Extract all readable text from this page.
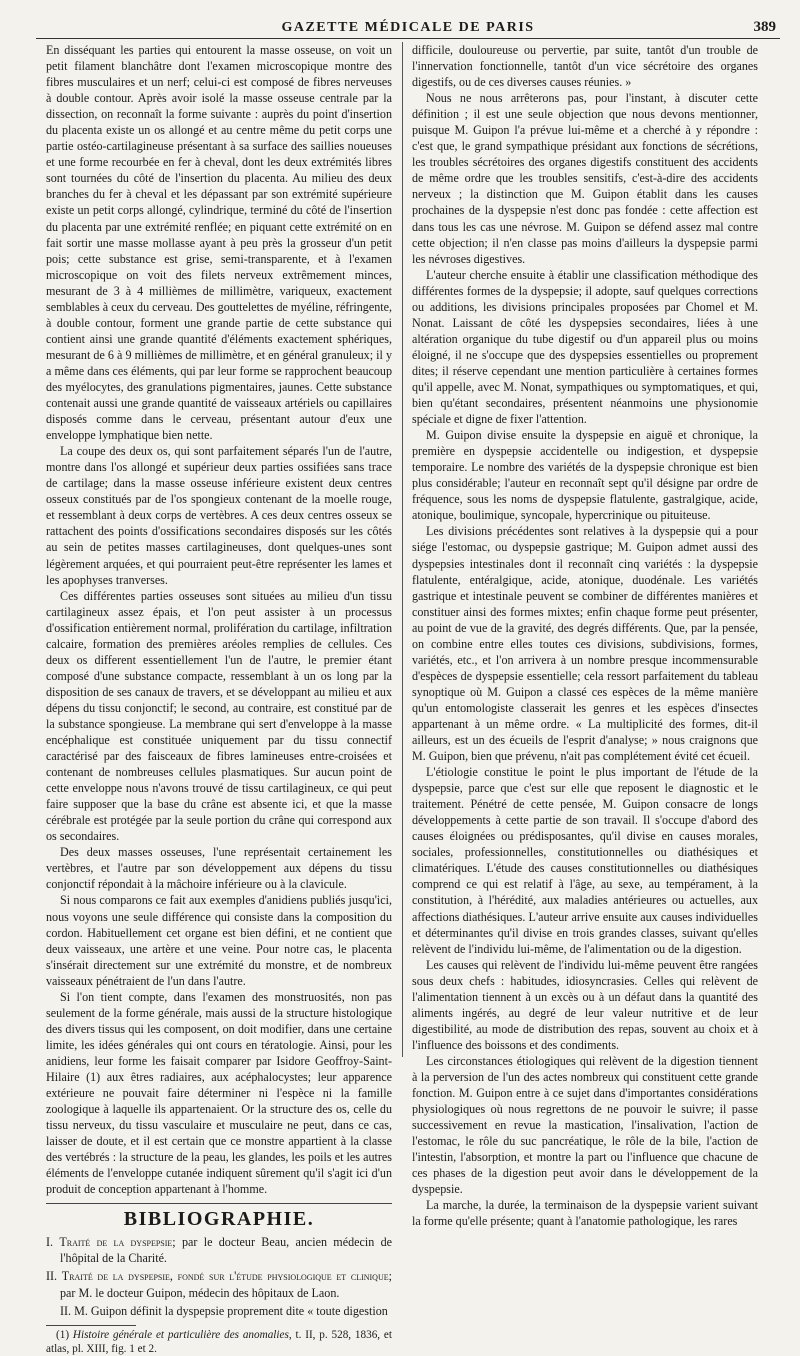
GAZETTE MÉDICALE DE PARIS	389

En disséquant les parties qui entourent la masse osseuse, on voit un petit filament blanchâtre dont l'examen microscopique montre des fibres musculaires et un nerf; celui-ci est composé de fibres nerveuses à double contour. Après avoir isolé la masse osseuse centrale par la dissection, on reconnaît la forme suivante : auprès du point d'insertion du placenta existe un os allongé et au centre même du petit corps une partie ostéo-cartilagineuse présentant à sa surface des saillies noueuses et une forme recourbée en fer à cheval, dont les deux extrémités libres sont tournées du côté de l'insertion du placenta. Au milieu des deux branches du fer à cheval et les dépassant par son extrémité supérieure existe un petit corps allongé, cylindrique, terminé du côté de l'insertion du placenta par une extrémité renflée; en piquant cette extrémité on en fait sortir une masse mollasse ayant à peu près la grosseur d'un petit pois; cette substance est grise, semi-transparente, et à l'examen microscopique on voit des filets nerveux extrêmement minces, mesurant de 3 à 4 millièmes de millimètre, variqueux, exactement semblables à ceux du cerveau. Des gouttelettes de myéline, réfringente, à double contour, forment une grande partie de cette substance qui contient ainsi une grande quantité d'éléments exactement sphériques, mesurant de 6 à 9 millièmes de millimètre, et en général granuleux; il y a même dans ces éléments, qui par leur forme se rapprochent beaucoup des myélocytes, des granulations pigmentaires, jaunes. Cette substance contenait aussi une grande quantité de vaisseaux artériels ou capillaires disposés comme dans le cerveau, présentant autour d'eux une enveloppe lymphatique bien nette.

La coupe des deux os, qui sont parfaitement séparés l'un de l'autre, montre dans l'os allongé et supérieur deux parties ossifiées sans trace de cartilage; dans la masse osseuse inférieure existent deux centres osseux constitués par de l'os spongieux contenant de la moelle rouge, et ressemblant à deux corps de vertèbres. A ces deux centres osseux se rattachent des points d'ossifications secondaires disposés sur les côtés au sein de petites masses cartilagineuses, dont quelques-unes sont légèrement arquées, et qui pourraient peut-être représenter les lames et les apophyses tranverses.

Ces différentes parties osseuses sont situées au milieu d'un tissu cartilagineux assez épais, et l'on peut assister à un processus d'ossification entièrement normal, prolifération du cartilage, infiltration calcaire, formation des premières aréoles remplies de cellules. Ces deux os different essentiellement l'un de l'autre, le premier étant composé d'une substance compacte, ressemblant à un os long par la disposition de ses canaux de travers, et se développant au milieu et aux dépens du tissu conjonctif; le second, au contraire, est constitué par de la substance spongieuse. La membrane qui sert d'enveloppe à la masse encéphalique est constituée uniquement par du tissu connectif caractérisé par des faisceaux de fibres lamineuses entre-croisées et contenant de nombreuses cellules plasmatiques. Sur aucun point de cette enveloppe nous n'avons trouvé de tissu cartilagineux, ce qui peut faire supposer que la base du crâne est absente ici, et que la masse cérébrale est protégée par la seule portion du crâne qui correspond aux os secondaires.

Des deux masses osseuses, l'une représentait certainement les vertèbres, et l'autre par son développement aux dépens du tissu conjonctif répondait à la mâchoire inférieure ou à la clavicule.

Si nous comparons ce fait aux exemples d'anidiens publiés jusqu'ici, nous voyons une seule différence qui consiste dans la composition du cordon. Habituellement cet organe est bien défini, et ne contient que deux vaisseaux, une artère et une veine. Pour notre cas, le placenta s'insérait directement sur une extrémité du monstre, et de nombreux vaisseaux pénétraient de l'un dans l'autre.

Si l'on tient compte, dans l'examen des monstruosités, non pas seulement de la forme générale, mais aussi de la structure histologique des divers tissus qui les composent, on doit modifier, dans une certaine limite, les idées générales qui ont cours en tératologie. Ainsi, pour les anidiens, leur forme les faisait comparer par Isidore Geoffroy-Saint-Hilaire (1) aux êtres radiaires, aux acéphalocystes; leur apparence extérieure ne pouvait faire déterminer ni l'espèce ni la famille zoologique à laquelle ils appartenaient. Or la structure des os, celle du tissu nerveux, du tissu vasculaire et musculaire ne peut, dans ce cas, laisser de doute, et il est certain que ce monstre appartient à la classe des vertébrés : la structure de la peau, les glandes, les poils et les autres éléments de l'enveloppe cutanée indiquent sûrement qu'il s'agit ici d'un produit de conception appartenant à l'homme.

BIBLIOGRAPHIE.

I. Traité de la dyspepsie; par le docteur Beau, ancien médecin de l'hôpital de la Charité.

II. Traité de la dyspepsie, fondé sur l'étude physiologique et clinique; par M. le docteur Guipon, médecin des hôpitaux de Laon.

II. M. Guipon définit la dyspepsie proprement dite « toute digestion

(1) Histoire générale et particulière des anomalies, t. II, p. 528, 1836, et atlas, pl. XIII, fig. 1 et 2.

difficile, douloureuse ou pervertie, par suite, tantôt d'un trouble de l'innervation fonctionnelle, tantôt d'un vice sécrétoire des organes digestifs, ou de ces diverses causes réunies. »

Nous ne nous arrêterons pas, pour l'instant, à discuter cette définition ; il est une seule objection que nous devons mentionner, puisque M. Guipon l'a prévue lui-même et a cherché à y répondre : c'est que, le grand sympathique présidant aux fonctions de sécrétions, les troubles sécrétoires des organes digestifs constituent des accidents de même ordre que les troubles sensitifs, c'est-à-dire des accidents nerveux ; la distinction que M. Guipon établit dans les causes prochaines de la dyspepsie n'est donc pas fondée : cette affection est dans tous les cas une névrose. M. Guipon se défend assez mal contre cette objection; il n'en classe pas moins d'ailleurs la dyspepsie parmi les névroses digestives.

L'auteur cherche ensuite à établir une classification méthodique des différentes formes de la dyspepsie; il adopte, sauf quelques corrections ou additions, les divisions principales proposées par Chomel et M. Nonat. Laissant de côté les dyspepsies secondaires, liées à une altération organique du tube digestif ou d'un appareil plus ou moins éloigné, il ne s'occupe que des dyspepsies essentielles ou proprement dites; il réserve cependant une mention particulière à certaines formes qu'il appelle, avec M. Nonat, sympathiques ou symptomatiques, et qui, bien qu'étant secondaires, présentent néanmoins une physionomie spéciale et digne de fixer l'attention.

M. Guipon divise ensuite la dyspepsie en aiguë et chronique, la première en dyspepsie accidentelle ou indigestion, et dyspepsie temporaire. Le nombre des variétés de la dyspepsie chronique est bien plus considérable; l'auteur en reconnaît sept qu'il désigne par ordre de fréquence, sous les noms de dyspepsie flatulente, gastralgique, acide, atonique, boulimique, syncopale, hypercrinique ou pituiteuse.

Les divisions précédentes sont relatives à la dyspepsie qui a pour siége l'estomac, ou dyspepsie gastrique; M. Guipon admet aussi des dyspepsies intestinales dont il reconnaît cinq variétés : la dyspepsie flatulente, entéralgique, acide, atonique, duodénale. Les variétés gastrique et intestinale peuvent se combiner de différentes manières et constituer ainsi des formes mixtes; enfin chaque forme peut présenter, au point de vue de la gravité, des degrés différents. Que, par la pensée, on combine entre elles toutes ces divisions, subdivisions, formes, variétés, etc., et l'on arrivera à un nombre presque incommensurable d'espèces de dyspepsie essentielle; cela ressort parfaitement du tableau synoptique où M. Guipon a classé ces espèces de la même manière qu'un entomologiste classerait les genres et les espèces d'insectes appartenant à un même ordre. « La multiplicité des formes, dit-il ailleurs, est un des écueils de l'esprit d'analyse; » nous craignons que M. Guipon, bien que prévenu, n'ait pas complétement évité cet écueil.

L'étiologie constitue le point le plus important de l'étude de la dyspepsie, parce que c'est sur elle que reposent le diagnostic et le traitement. Pénétré de cette pensée, M. Guipon consacre de longs développements à cette partie de son travail. Il s'occupe d'abord des causes éloignées ou prédisposantes, qu'il divise en causes morales, sociales, professionnelles, constitutionnelles ou diathésiques et climatériques. L'étude des causes constitutionnelles ou diathésiques comprend ce qui est relatif à l'âge, au sexe, au tempérament, à la constitution, à l'hérédité, aux maladies antérieures ou actuelles, aux affections diathésiques. L'auteur arrive ensuite aux causes individuelles et déterminantes qu'il divise en trois grandes classes, suivant qu'elles relèvent de l'individu lui-même, de l'alimentation ou de la digestion.

Les causes qui relèvent de l'individu lui-même peuvent être rangées sous deux chefs : habitudes, idiosyncrasies. Celles qui relèvent de l'alimentation tiennent à un excès ou à un défaut dans la quantité des aliments ingérés, au degré de leur valeur nutritive et de leur digestibilité, au mode de distribution des repas, souvent au choix et à l'influence des boissons et des condiments.

Les circonstances étiologiques qui relèvent de la digestion tiennent à la perversion de l'un des actes nombreux qui constituent cette grande fonction. M. Guipon entre à ce sujet dans d'importantes considérations physiologiques où nous regrettons de ne pouvoir le suivre; il passe successivement en revue la mastication, l'insalivation, l'action de l'estomac, le rôle du suc pancréatique, le rôle de la bile, l'action de l'intestin, l'absorption, et montre la part ou l'influence que chacune de ces phases de la digestion peut avoir dans le développement de la dyspepsie.

La marche, la durée, la terminaison de la dyspepsie varient suivant la forme qu'elle présente; quant à l'anatomie pathologique, les rares
